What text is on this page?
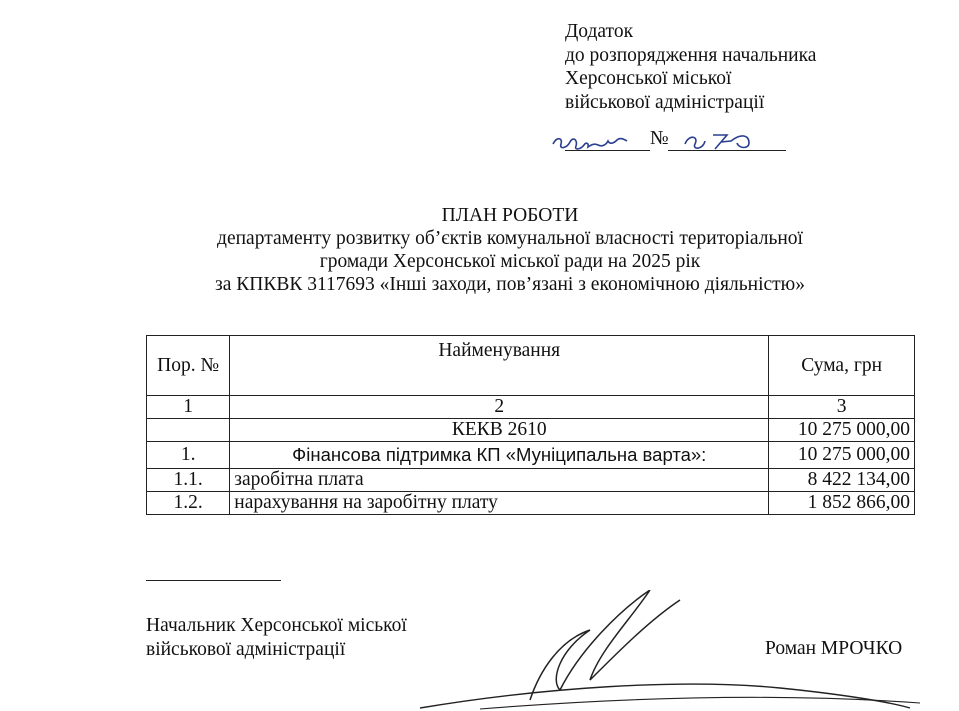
Додаток
до розпорядження начальника
Херсонської міської
військової адміністрації
№
ПЛАН РОБОТИ
департаменту розвитку об’єктів комунальної власності територіальної
громади Херсонської міської ради на 2025 рік
за КПКВК 3117693 «Інші заходи, пов’язані з економічною діяльністю»
Пор. №	Найменування	Сума, грн
1	2	3
	КЕКВ 2610	10 275 000,00
1.	Фінансова підтримка КП «Муніципальна варта»:	10 275 000,00
1.1.	заробітна плата	8 422 134,00
1.2.	нарахування на заробітну плату	1 852 866,00
Начальник Херсонської міської
військової адміністрації	Роман МРОЧКО
